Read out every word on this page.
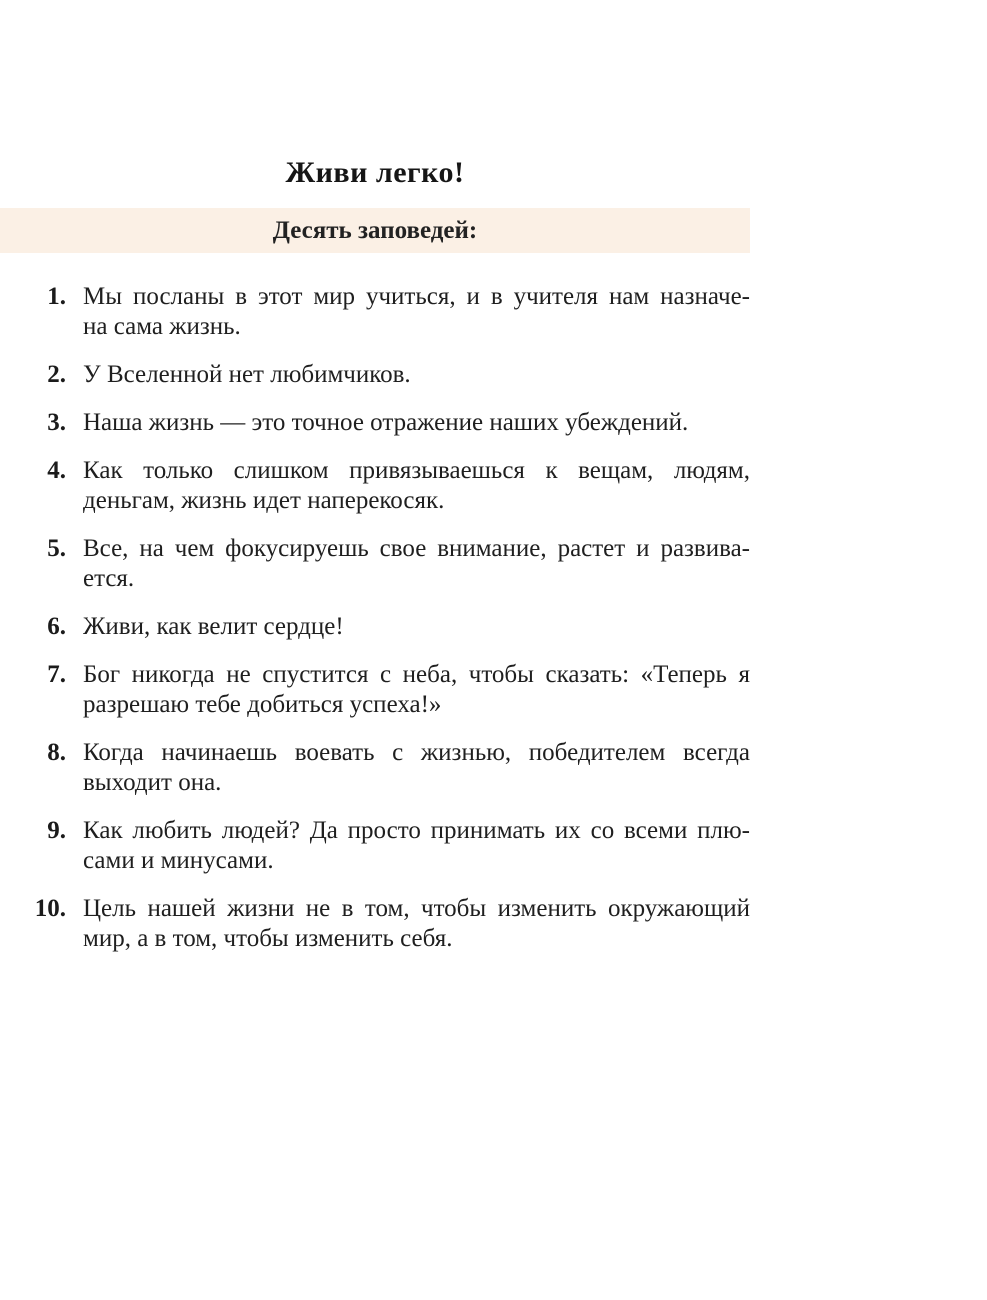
Живи легко!
Десять заповедей:
1. Мы посланы в этот мир учиться, и в учителя нам назначе-
на сама жизнь.
2. У Вселенной нет любимчиков.
3. Наша жизнь — это точное отражение наших убеждений.
4. Как только слишком привязываешься к вещам, людям,
деньгам, жизнь идет наперекосяк.
5. Все, на чем фокусируешь свое внимание, растет и развива-
ется.
6. Живи, как велит сердце!
7. Бог никогда не спустится с неба, чтобы сказать: «Теперь я
разрешаю тебе добиться успеха!»
8. Когда начинаешь воевать с жизнью, победителем всегда
выходит она.
9. Как любить людей? Да просто принимать их со всеми плю-
сами и минусами.
10. Цель нашей жизни не в том, чтобы изменить окружающий
мир, а в том, чтобы изменить себя.
